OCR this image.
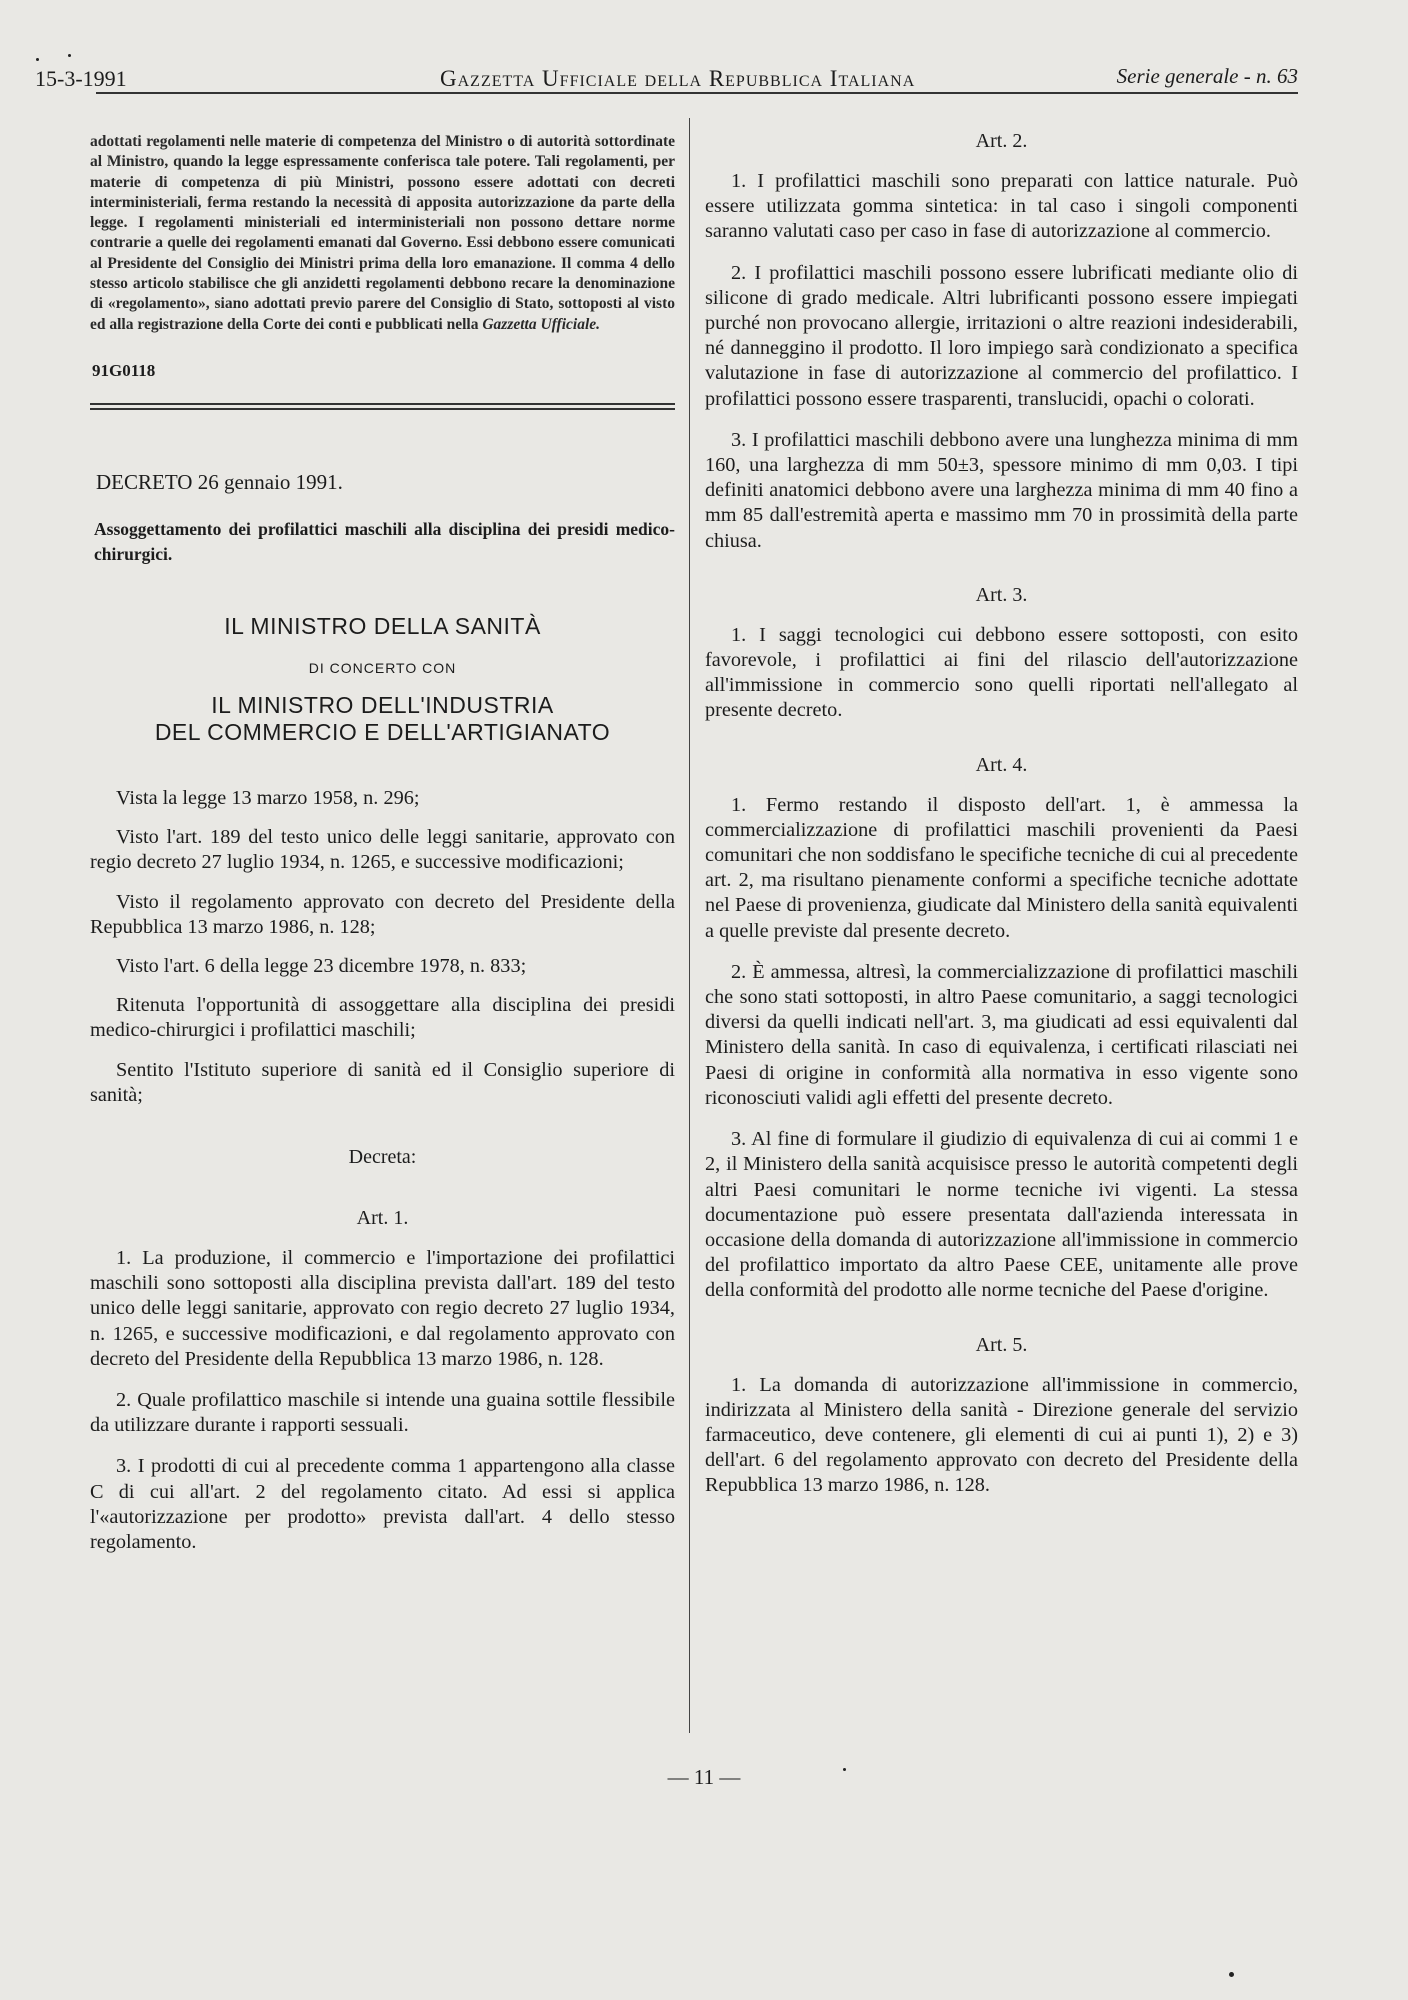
15-3-1991	Gazzetta Ufficiale della Repubblica Italiana	Serie generale - n. 63

adottati regolamenti nelle materie di competenza del Ministro o di autorità sottordinate al Ministro, quando la legge espressamente conferisca tale potere. Tali regolamenti, per materie di competenza di più Ministri, possono essere adottati con decreti interministeriali, ferma restando la necessità di apposita autorizzazione da parte della legge. I regolamenti ministeriali ed interministeriali non possono dettare norme contrarie a quelle dei regolamenti emanati dal Governo. Essi debbono essere comunicati al Presidente del Consiglio dei Ministri prima della loro emanazione. Il comma 4 dello stesso articolo stabilisce che gli anzidetti regolamenti debbono recare la denominazione di «regolamento», siano adottati previo parere del Consiglio di Stato, sottoposti al visto ed alla registrazione della Corte dei conti e pubblicati nella Gazzetta Ufficiale.

91G0118
DECRETO 26 gennaio 1991.
Assoggettamento dei profilattici maschili alla disciplina dei presidi medico-chirurgici.
IL MINISTRO DELLA SANITÀ
DI CONCERTO CON
IL MINISTRO DELL'INDUSTRIA
DEL COMMERCIO E DELL'ARTIGIANATO

Vista la legge 13 marzo 1958, n. 296;

Visto l'art. 189 del testo unico delle leggi sanitarie, approvato con regio decreto 27 luglio 1934, n. 1265, e successive modificazioni;

Visto il regolamento approvato con decreto del Presidente della Repubblica 13 marzo 1986, n. 128;

Visto l'art. 6 della legge 23 dicembre 1978, n. 833;

Ritenuta l'opportunità di assoggettare alla disciplina dei presidi medico-chirurgici i profilattici maschili;

Sentito l'Istituto superiore di sanità ed il Consiglio superiore di sanità;

Decreta:

Art. 1.

1. La produzione, il commercio e l'importazione dei profilattici maschili sono sottoposti alla disciplina prevista dall'art. 189 del testo unico delle leggi sanitarie, approvato con regio decreto 27 luglio 1934, n. 1265, e successive modificazioni, e dal regolamento approvato con decreto del Presidente della Repubblica 13 marzo 1986, n. 128.

2. Quale profilattico maschile si intende una guaina sottile flessibile da utilizzare durante i rapporti sessuali.

3. I prodotti di cui al precedente comma 1 appartengono alla classe C di cui all'art. 2 del regolamento citato. Ad essi si applica l'«autorizzazione per prodotto» prevista dall'art. 4 dello stesso regolamento.

Art. 2.

1. I profilattici maschili sono preparati con lattice naturale. Può essere utilizzata gomma sintetica: in tal caso i singoli componenti saranno valutati caso per caso in fase di autorizzazione al commercio.

2. I profilattici maschili possono essere lubrificati mediante olio di silicone di grado medicale. Altri lubrificanti possono essere impiegati purché non provocano allergie, irritazioni o altre reazioni indesiderabili, né danneggino il prodotto. Il loro impiego sarà condizionato a specifica valutazione in fase di autorizzazione al commercio del profilattico. I profilattici possono essere trasparenti, translucidi, opachi o colorati.

3. I profilattici maschili debbono avere una lunghezza minima di mm 160, una larghezza di mm 50±3, spessore minimo di mm 0,03. I tipi definiti anatomici debbono avere una larghezza minima di mm 40 fino a mm 85 dall'estremità aperta e massimo mm 70 in prossimità della parte chiusa.

Art. 3.

1. I saggi tecnologici cui debbono essere sottoposti, con esito favorevole, i profilattici ai fini del rilascio dell'autorizzazione all'immissione in commercio sono quelli riportati nell'allegato al presente decreto.

Art. 4.

1. Fermo restando il disposto dell'art. 1, è ammessa la commercializzazione di profilattici maschili provenienti da Paesi comunitari che non soddisfano le specifiche tecniche di cui al precedente art. 2, ma risultano pienamente conformi a specifiche tecniche adottate nel Paese di provenienza, giudicate dal Ministero della sanità equivalenti a quelle previste dal presente decreto.

2. È ammessa, altresì, la commercializzazione di profilattici maschili che sono stati sottoposti, in altro Paese comunitario, a saggi tecnologici diversi da quelli indicati nell'art. 3, ma giudicati ad essi equivalenti dal Ministero della sanità. In caso di equivalenza, i certificati rilasciati nei Paesi di origine in conformità alla normativa in esso vigente sono riconosciuti validi agli effetti del presente decreto.

3. Al fine di formulare il giudizio di equivalenza di cui ai commi 1 e 2, il Ministero della sanità acquisisce presso le autorità competenti degli altri Paesi comunitari le norme tecniche ivi vigenti. La stessa documentazione può essere presentata dall'azienda interessata in occasione della domanda di autorizzazione all'immissione in commercio del profilattico importato da altro Paese CEE, unitamente alle prove della conformità del prodotto alle norme tecniche del Paese d'origine.

Art. 5.

1. La domanda di autorizzazione all'immissione in commercio, indirizzata al Ministero della sanità - Direzione generale del servizio farmaceutico, deve contenere, gli elementi di cui ai punti 1), 2) e 3) dell'art. 6 del regolamento approvato con decreto del Presidente della Repubblica 13 marzo 1986, n. 128.

— 11 —
